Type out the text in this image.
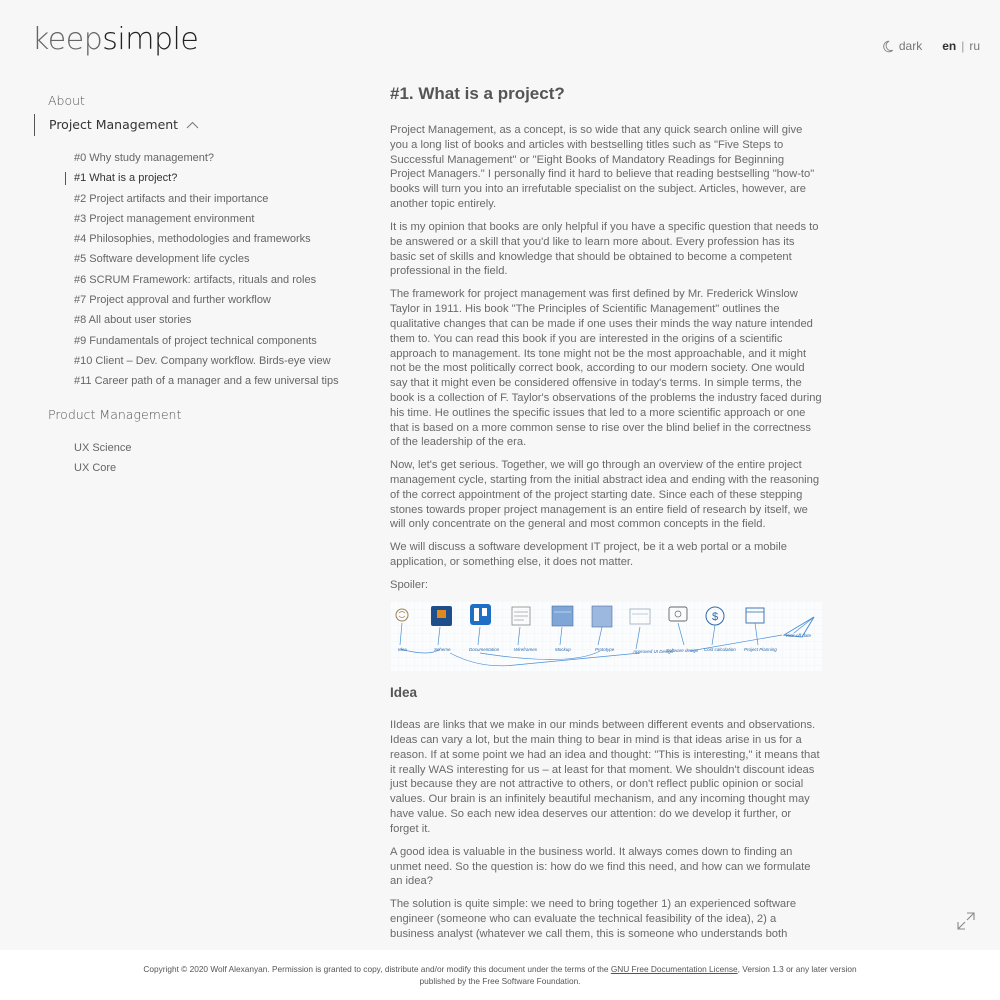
keepsimple	dark en | ru
About
Project Management
#0 Why study management?
#1 What is a project?
#2 Project artifacts and their importance
#3 Project management environment
#4 Philosophies, methodologies and frameworks
#5 Software development life cycles
#6 SCRUM Framework: artifacts, rituals and roles
#7 Project approval and further workflow
#8 All about user stories
#9 Fundamentals of project technical components
#10 Client – Dev. Company workflow. Birds-eye view
#11 Career path of a manager and a few universal tips
Product Management
UX Science
UX Core
#1. What is a project?

Project Management, as a concept, is so wide that any quick search online will give you a long list of books and articles with bestselling titles such as "Five Steps to Successful Management" or "Eight Books of Mandatory Readings for Beginning Project Managers." I personally find it hard to believe that reading bestselling "how-to" books will turn you into an irrefutable specialist on the subject. Articles, however, are another topic entirely.

It is my opinion that books are only helpful if you have a specific question that needs to be answered or a skill that you'd like to learn more about. Every profession has its basic set of skills and knowledge that should be obtained to become a competent professional in the field.

The framework for project management was first defined by Mr. Frederick Winslow Taylor in 1911. His book "The Principles of Scientific Management" outlines the qualitative changes that can be made if one uses their minds the way nature intended them to. You can read this book if you are interested in the origins of a scientific approach to management. Its tone might not be the most approachable, and it might not be the most politically correct book, according to our modern society. One would say that it might even be considered offensive in today's terms. In simple terms, the book is a collection of F. Taylor's observations of the problems the industry faced during his time. He outlines the specific issues that led to a more scientific approach or one that is based on a more common sense to rise over the blind belief in the correctness of the leadership of the era.

Now, let's get serious. Together, we will go through an overview of the entire project management cycle, starting from the initial abstract idea and ending with the reasoning of the correct appointment of the project starting date. Since each of these stepping stones towards proper project management is an entire field of research by itself, we will only concentrate on the general and most common concepts in the field.

We will discuss a software development IT project, be it a web portal or a mobile application, or something else, it does not matter.

Spoiler:

$
Idea	Scheme	Documentation	Wireframes	Mockup	Prototype	Approved UI Design
Software design Cost calculation Project Planning
Kick-off date
Idea

IIdeas are links that we make in our minds between different events and observations. Ideas can vary a lot, but the main thing to bear in mind is that ideas arise in us for a reason. If at some point we had an idea and thought: "This is interesting," it means that it really WAS interesting for us – at least for that moment. We shouldn't discount ideas just because they are not attractive to others, or don't reflect public opinion or social values. Our brain is an infinitely beautiful mechanism, and any incoming thought may have value. So each new idea deserves our attention: do we develop it further, or forget it.

A good idea is valuable in the business world. It always comes down to finding an unmet need. So the question is: how do we find this need, and how can we formulate an idea?

The solution is quite simple: we need to bring together 1) an experienced software engineer (someone who can evaluate the technical feasibility of the idea), 2) a business analyst (whatever we call them, this is someone who understands both

Copyright © 2020 Wolf Alexanyan. Permission is granted to copy, distribute and/or modify this document under the terms of the GNU Free Documentation License, Version 1.3 or any later version
published by the Free Software Foundation.
